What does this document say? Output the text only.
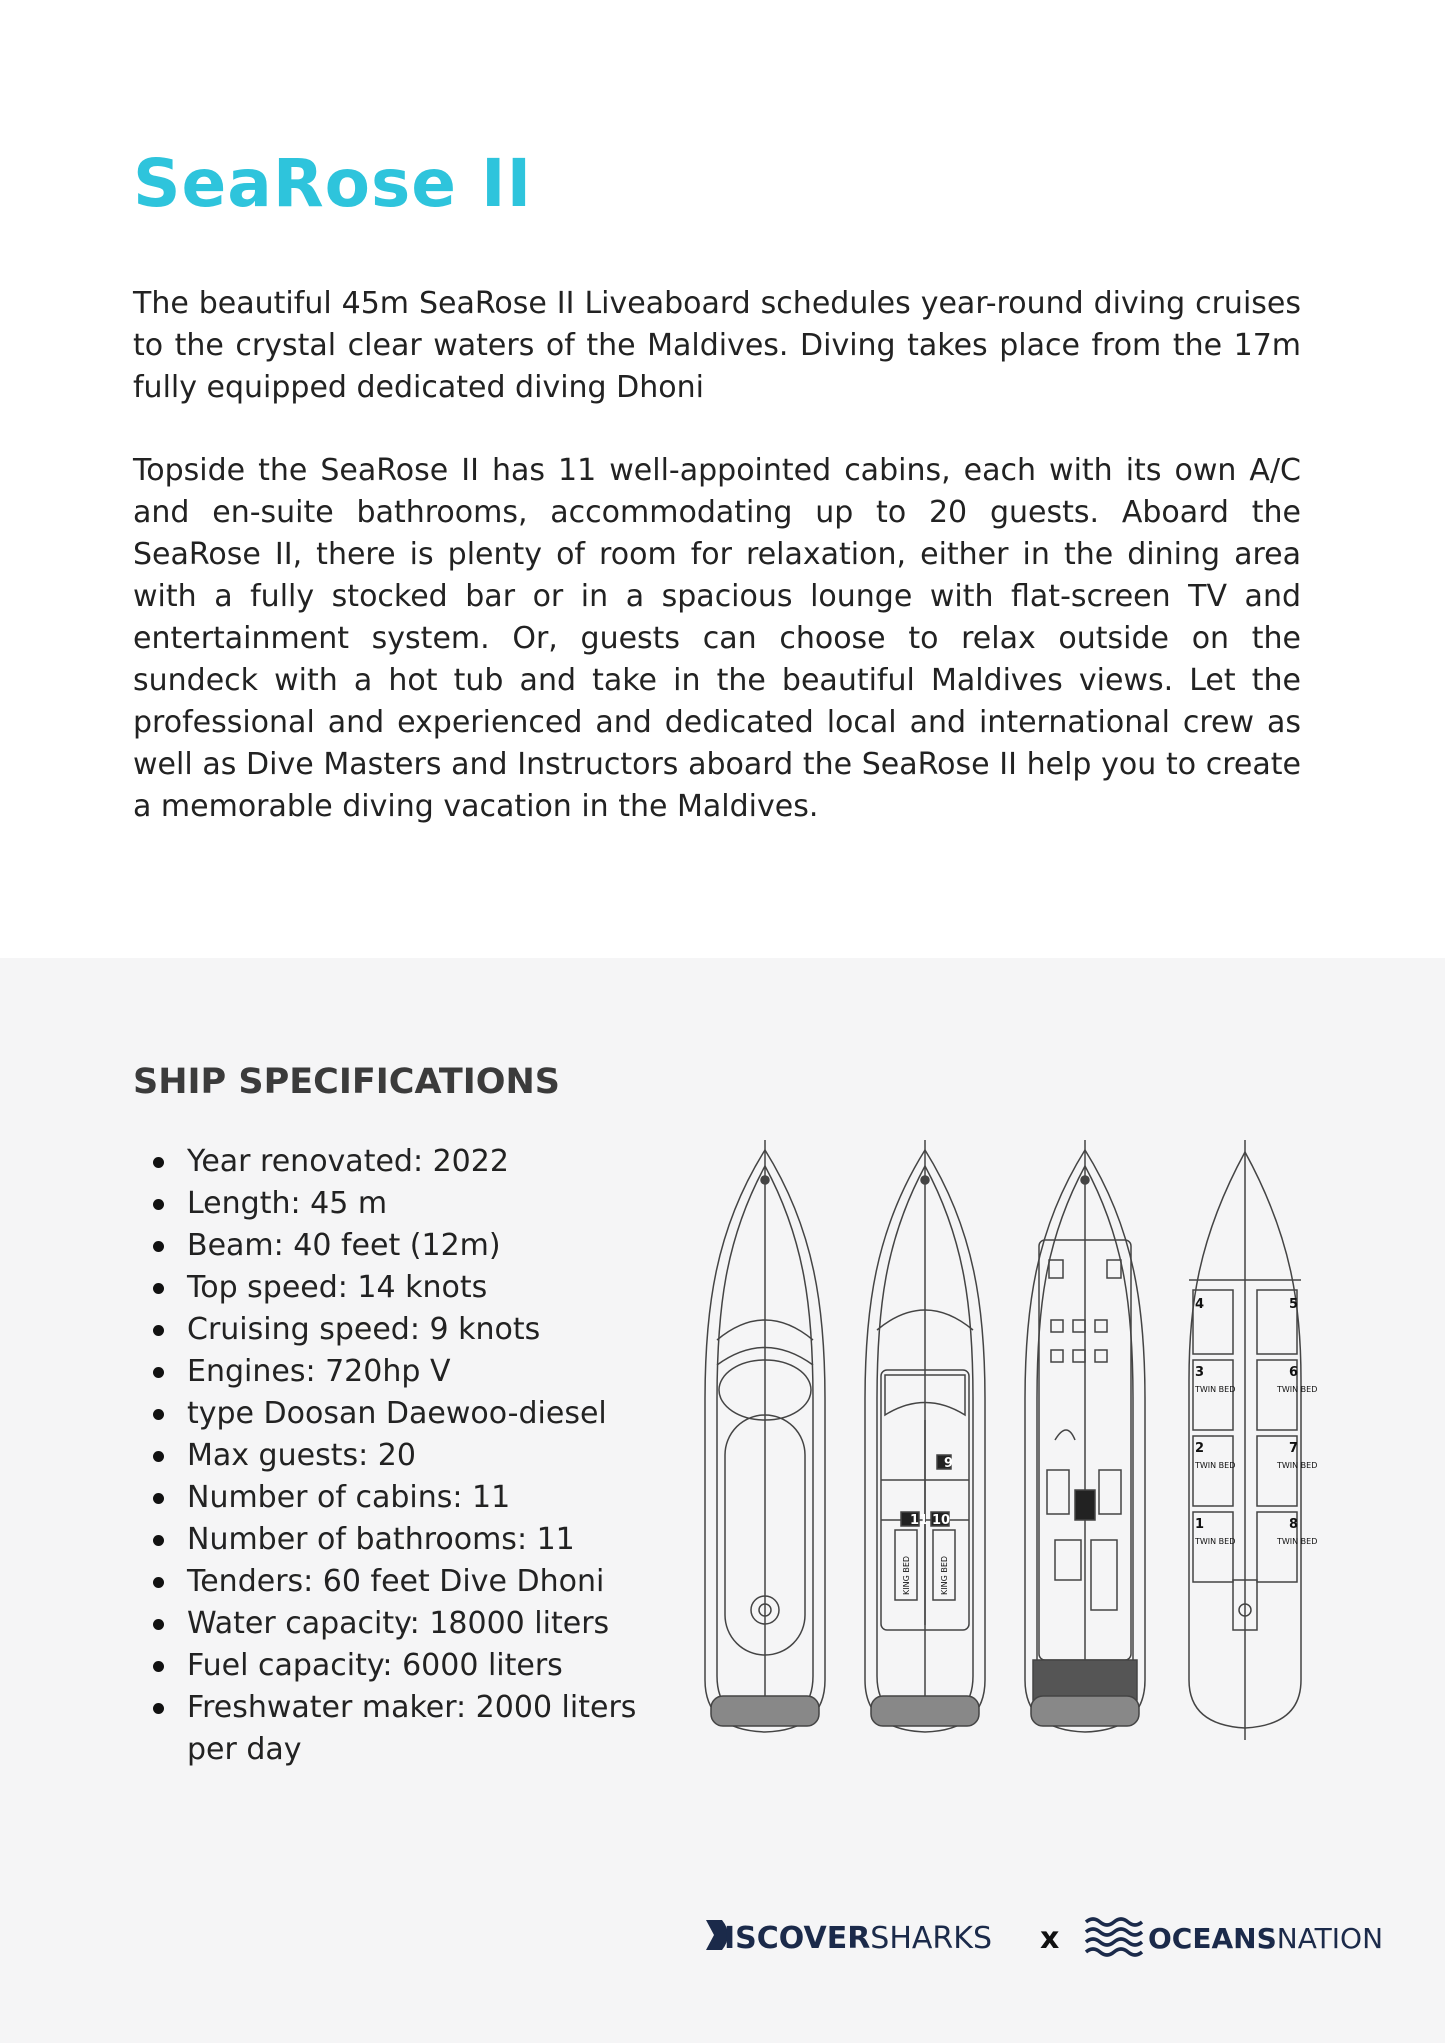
SeaRose II

The beautiful 45m SeaRose II Liveaboard schedules year-round diving cruises to the crystal clear waters of the Maldives. Diving takes place from the 17m fully equipped dedicated diving Dhoni

Topside the SeaRose II has 11 well-appointed cabins, each with its own A/C and en-suite bathrooms, accommodating up to 20 guests. Aboard the SeaRose II, there is plenty of room for relaxation, either in the dining area with a fully stocked bar or in a spacious lounge with flat-screen TV and entertainment system. Or, guests can choose to relax outside on the sundeck with a hot tub and take in the beautiful Maldives views. Let the professional and experienced and dedicated local and international crew as well as Dive Masters and Instructors aboard the SeaRose II help you to create a memorable diving vacation in the Maldives.

SHIP SPECIFICATIONS
Year renovated: 2022
Length: 45 m
Beam: 40 feet (12m)
Top speed: 14 knots
Cruising speed: 9 knots
Engines: 720hp V
type Doosan Daewoo-diesel
Max guests: 20
Number of cabins: 11
Number of bathrooms: 11
Tenders: 60 feet Dive Dhoni
Water capacity: 18000 liters
Fuel capacity: 6000 liters
Freshwater maker: 2000 liters per day
4	5
3	6
2	7
1	8
9
11 10
KING BED	KING BED
TWIN BED	TWIN BED
TWIN BED	TWIN BED
TWIN BED	TWIN BED
ISCOVERSHARKS x	OCEANSNATION
